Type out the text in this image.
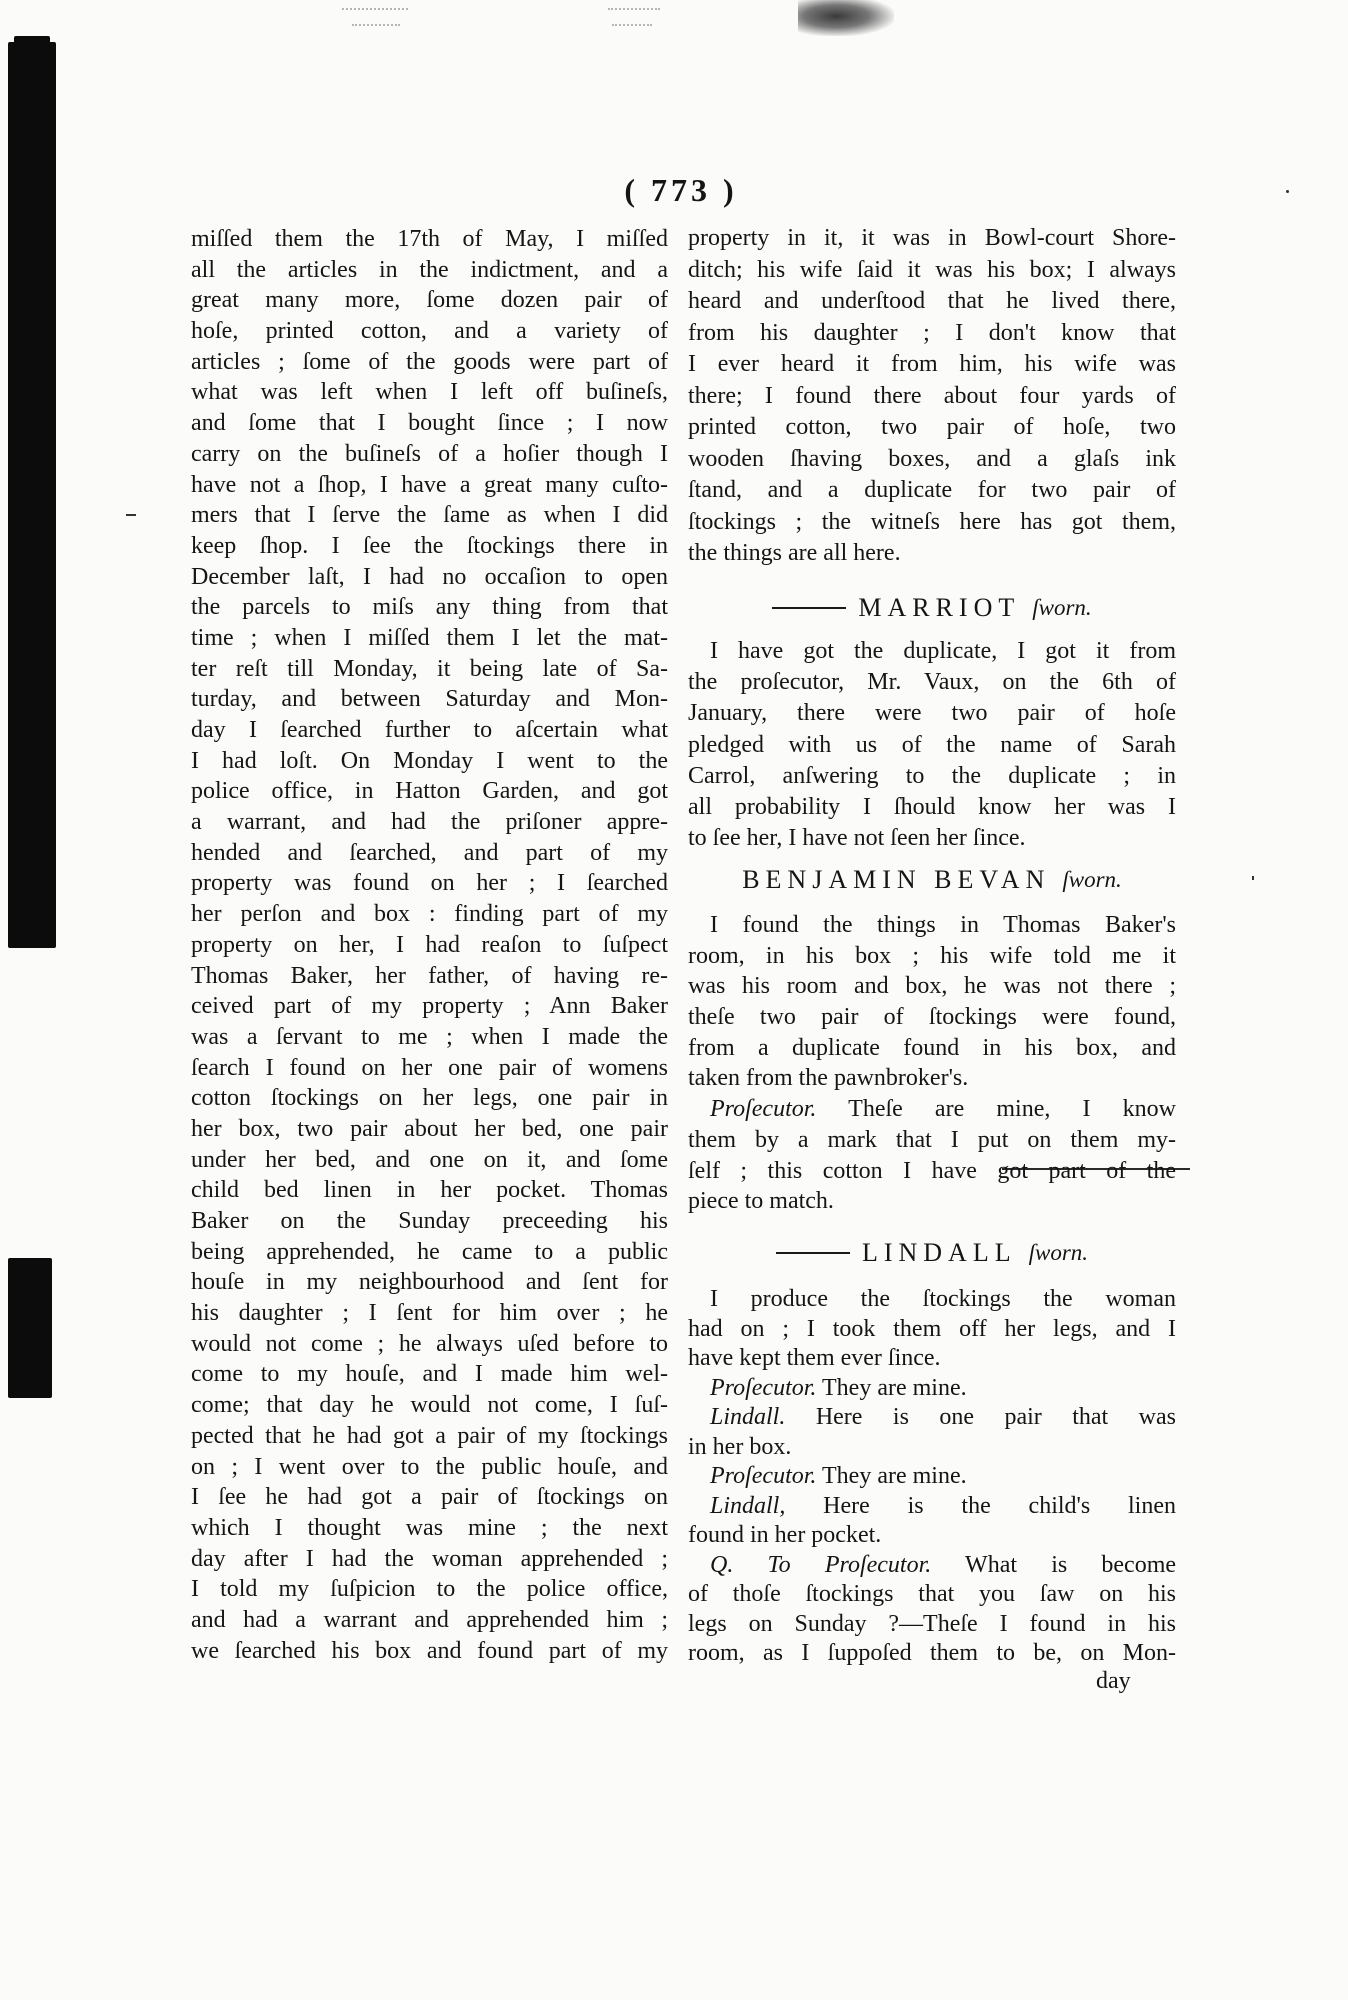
( 773 )
miſſed them the 17th of May, I miſſed
all the articles in the indictment, and a
great many more, ſome dozen pair of
hoſe, printed cotton, and a variety of
articles ; ſome of the goods were part of
what was left when I left off buſineſs,
and ſome that I bought ſince ; I now
carry on the buſineſs of a hoſier though I
have not a ſhop, I have a great many cuſto-
mers that I ſerve the ſame as when I did
keep ſhop. I ſee the ſtockings there in
December laſt, I had no occaſion to open
the parcels to miſs any thing from that
time ; when I miſſed them I let the mat-
ter reſt till Monday, it being late of Sa-
turday, and between Saturday and Mon-
day I ſearched further to aſcertain what
I had loſt. On Monday I went to the
police office, in Hatton Garden, and got
a warrant, and had the priſoner appre-
hended and ſearched, and part of my
property was found on her ; I ſearched
her perſon and box : finding part of my
property on her, I had reaſon to ſuſpect
Thomas Baker, her father, of having re-
ceived part of my property ; Ann Baker
was a ſervant to me ; when I made the
ſearch I found on her one pair of womens
cotton ſtockings on her legs, one pair in
her box, two pair about her bed, one pair
under her bed, and one on it, and ſome
child bed linen in her pocket. Thomas
Baker on the Sunday preceeding his
being apprehended, he came to a public
houſe in my neighbourhood and ſent for
his daughter ; I ſent for him over ; he
would not come ; he always uſed before to
come to my houſe, and I made him wel-
come; that day he would not come, I ſuſ-
pected that he had got a pair of my ſtockings
on ; I went over to the public houſe, and
I ſee he had got a pair of ſtockings on
which I thought was mine ; the next
day after I had the woman apprehended ;
I told my ſuſpicion to the police office,
and had a warrant and apprehended him ;
we ſearched his box and found part of my
property in it, it was in Bowl-court Shore-
ditch; his wife ſaid it was his box; I always
heard and underſtood that he lived there,
from his daughter ; I don't know that
I ever heard it from him, his wife was
there; I found there about four yards of
printed cotton, two pair of hoſe, two
wooden ſhaving boxes, and a glaſs ink
ſtand, and a duplicate for two pair of
ſtockings ; the witneſs here has got them,
the things are all here.
MARRIOT ſworn.
I have got the duplicate, I got it from
the proſecutor, Mr. Vaux, on the 6th of
January, there were two pair of hoſe
pledged with us of the name of Sarah
Carrol, anſwering to the duplicate ; in
all probability I ſhould know her was I
to ſee her, I have not ſeen her ſince.
BENJAMIN BEVAN ſworn.
I found the things in Thomas Baker's
room, in his box ; his wife told me it
was his room and box, he was not there ;
theſe two pair of ſtockings were found,
from a duplicate found in his box, and
taken from the pawnbroker's.
Proſecutor. Theſe are mine, I know
them by a mark that I put on them my-
ſelf ; this cotton I have got part of the
piece to match.
LINDALL ſworn.
I produce the ſtockings the woman
had on ; I took them off her legs, and I
have kept them ever ſince.
Proſecutor. They are mine.
Lindall. Here is one pair that was
in her box.
Proſecutor. They are mine.
Lindall, Here is the child's linen
found in her pocket.
Q. To Proſecutor. What is become
of thoſe ſtockings that you ſaw on his
legs on Sunday ?—Theſe I found in his
room, as I ſuppoſed them to be, on Mon-
day
